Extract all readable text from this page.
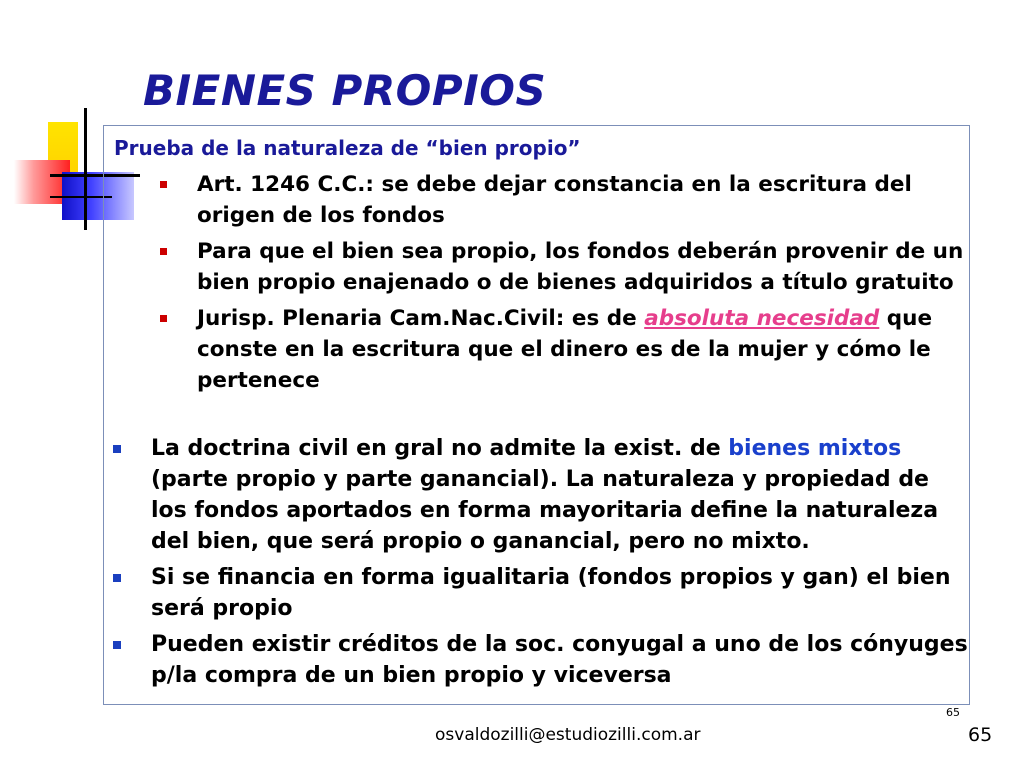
BIENES PROPIOS

Prueba de la naturaleza de “bien propio”

Art. 1246 C.C.: se debe dejar constancia en la escritura del origen de los fondos
Para que el bien sea propio, los fondos deberán provenir de un bien propio enajenado o de bienes adquiridos a título gratuito
Jurisp. Plenaria Cam.Nac.Civil: es de absoluta necesidad que conste en la escritura que el dinero es de la mujer y cómo le pertenece
La doctrina civil en gral no admite la exist. de bienes mixtos (parte propio y parte ganancial). La naturaleza y propiedad de los fondos aportados en forma mayoritaria define la naturaleza del bien, que será propio o ganancial, pero no mixto.
Si se financia en forma igualitaria (fondos propios y gan) el bien será propio
Pueden existir créditos de la soc. conyugal a uno de los cónyuges p/la compra de un bien propio y viceversa
65
osvaldozilli@estudiozilli.com.ar	65
